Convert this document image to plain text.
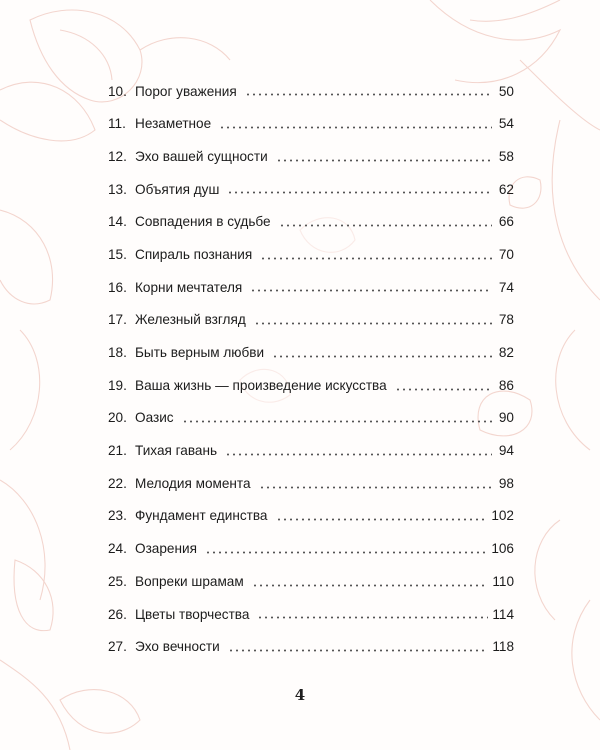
10. Порог уважения	50
11. Незаметное	54
12. Эхо вашей сущности	58
13. Объятия душ	62
14. Совпадения в судьбе	66
15. Спираль познания	70
16. Корни мечтателя	74
17. Железный взгляд	78
18. Быть верным любви	82
19. Ваша жизнь — произведение искусства	86
20. Оазис	90
21. Тихая гавань	94
22. Мелодия момента	98
23. Фундамент единства	102
24. Озарения	106
25. Вопреки шрамам	110
26. Цветы творчества	114
27. Эхо вечности	118
4
